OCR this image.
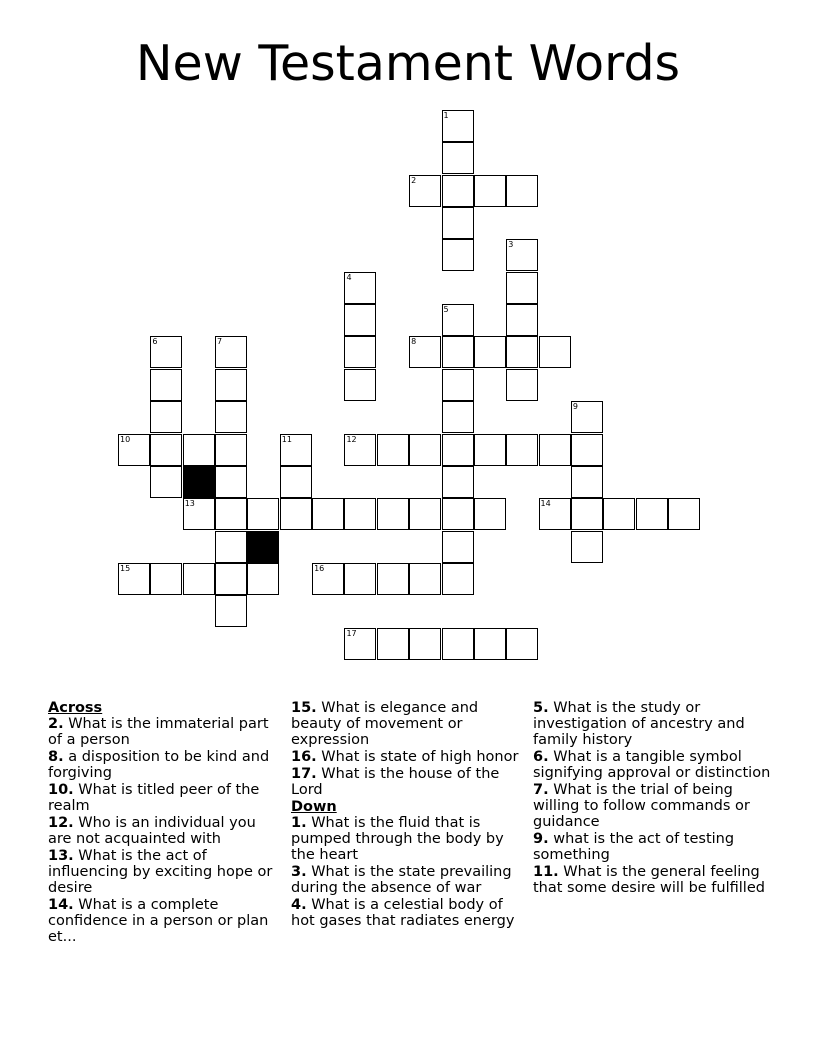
New Testament Words
1
2
3
4
5
6	7	8
9
10	11	12
13	14
15	16
17
Across
2. What is the immaterial part of a person
8. a disposition to be kind and forgiving
10. What is titled peer of the realm
12. Who is an individual you are not acquainted with
13. What is the act of influencing by exciting hope or desire
14. What is a complete confidence in a person or plan et...
15. What is elegance and beauty of movement or expression
16. What is state of high honor
17. What is the house of the Lord
Down
1. What is the fluid that is pumped through the body by the heart
3. What is the state prevailing during the absence of war
4. What is a celestial body of hot gases that radiates energy
5. What is the study or investigation of ancestry and family history
6. What is a tangible symbol signifying approval or distinction
7. What is the trial of being willing to follow commands or guidance
9. what is the act of testing something
11. What is the general feeling that some desire will be fulfilled
